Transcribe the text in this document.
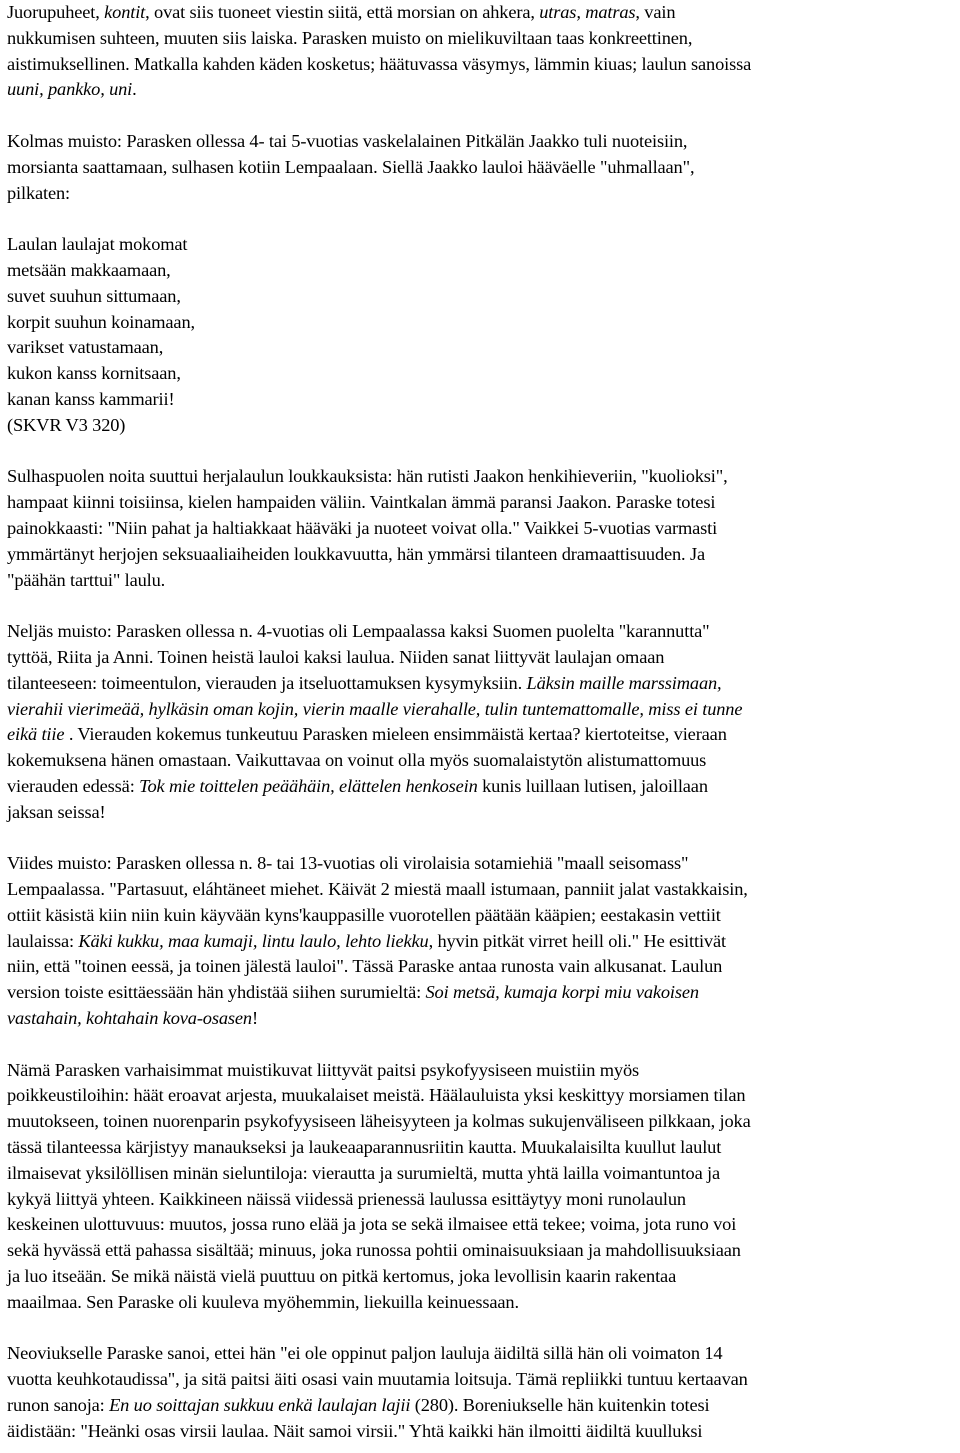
Juorupuheet, kontit, ovat siis tuoneet viestin siitä, että morsian on ahkera, utras, matras, vain
nukkumisen suhteen, muuten siis laiska. Parasken muisto on mielikuviltaan taas konkreettinen,
aistimuksellinen. Matkalla kahden käden kosketus; häätuvassa väsymys, lämmin kiuas; laulun sanoissa
uuni, pankko, uni.
Kolmas muisto: Parasken ollessa 4- tai 5-vuotias vaskelalainen Pitkälän Jaakko tuli nuoteisiin,
morsianta saattamaan, sulhasen kotiin Lempaalaan. Siellä Jaakko lauloi hääväelle "uhmallaan",
pilkaten:
Laulan laulajat mokomat
metsään makkaamaan,
suvet suuhun sittumaan,
korpit suuhun koinamaan,
varikset vatustamaan,
kukon kanss kornitsaan,
kanan kanss kammarii!
(SKVR V3 320)
Sulhaspuolen noita suuttui herjalaulun loukkauksista: hän rutisti Jaakon henkihieveriin, "kuolioksi",
hampaat kiinni toisiinsa, kielen hampaiden väliin. Vaintkalan ämmä paransi Jaakon. Paraske totesi
painokkaasti: "Niin pahat ja haltiakkaat hääväki ja nuoteet voivat olla." Vaikkei 5-vuotias varmasti
ymmärtänyt herjojen seksuaaliaiheiden loukkavuutta, hän ymmärsi tilanteen dramaattisuuden. Ja
"päähän tarttui" laulu.
Neljäs muisto: Parasken ollessa n. 4-vuotias oli Lempaalassa kaksi Suomen puolelta "karannutta"
tyttöä, Riita ja Anni. Toinen heistä lauloi kaksi laulua. Niiden sanat liittyvät laulajan omaan
tilanteeseen: toimeentulon, vierauden ja itseluottamuksen kysymyksiin. Läksin maille marssimaan,
vierahii vierimeää, hylkäsin oman kojin, vierin maalle vierahalle, tulin tuntemattomalle, miss ei tunne
eikä tiie . Vierauden kokemus tunkeutuu Parasken mieleen ensimmäistä kertaa? kiertoteitse, vieraan
kokemuksena hänen omastaan. Vaikuttavaa on voinut olla myös suomalaistytön alistumattomuus
vierauden edessä: Tok mie toittelen peäähäin, elättelen henkosein kunis luillaan lutisen, jaloillaan
jaksan seissa!
Viides muisto: Parasken ollessa n. 8- tai 13-vuotias oli virolaisia sotamiehiä "maall seisomass"
Lempaalassa. "Partasuut, eláhtäneet miehet. Käivät 2 miestä maall istumaan, panniit jalat vastakkaisin,
ottiit käsistä kiin niin kuin käyvään kyns'kauppasille vuorotellen päätään kääpien; eestakasin vettiit
laulaissa: Käki kukku, maa kumaji, lintu laulo, lehto liekku, hyvin pitkät virret heill oli." He esittivät
niin, että "toinen eessä, ja toinen jälestä lauloi". Tässä Paraske antaa runosta vain alkusanat. Laulun
version toiste esittäessään hän yhdistää siihen surumieltä: Soi metsä, kumaja korpi miu vakoisen
vastahain, kohtahain kova-osasen!
Nämä Parasken varhaisimmat muistikuvat liittyvät paitsi psykofyysiseen muistiin myös
poikkeustiloihin: häät eroavat arjesta, muukalaiset meistä. Häälauluista yksi keskittyy morsiamen tilan
muutokseen, toinen nuorenparin psykofyysiseen läheisyyteen ja kolmas sukujenväliseen pilkkaan, joka
tässä tilanteessa kärjistyy manaukseksi ja laukeaaparannusriitin kautta. Muukalaisilta kuullut laulut
ilmaisevat yksilöllisen minän sieluntiloja: vierautta ja surumieltä, mutta yhtä lailla voimantuntoa ja
kykyä liittyä yhteen. Kaikkineen näissä viidessä prienessä laulussa esittäytyy moni runolaulun
keskeinen ulottuvuus: muutos, jossa runo elää ja jota se sekä ilmaisee että tekee; voima, jota runo voi
sekä hyvässä että pahassa sisältää; minuus, joka runossa pohtii ominaisuuksiaan ja mahdollisuuksiaan
ja luo itseään. Se mikä näistä vielä puuttuu on pitkä kertomus, joka levollisin kaarin rakentaa
maailmaa. Sen Paraske oli kuuleva myöhemmin, liekuilla keinuessaan.
Neoviukselle Paraske sanoi, ettei hän "ei ole oppinut paljon lauluja äidiltä sillä hän oli voimaton 14
vuotta keuhkotaudissa", ja sitä paitsi äiti osasi vain muutamia loitsuja. Tämä repliikki tuntuu kertaavan
runon sanoja: En uo soittajan sukkuu enkä laulajan lajii (280). Boreniukselle hän kuitenkin totesi
äidistään: "Heänki osas virsii laulaa. Näit samoi virsii." Yhtä kaikki hän ilmoitti äidiltä kuulluksi
